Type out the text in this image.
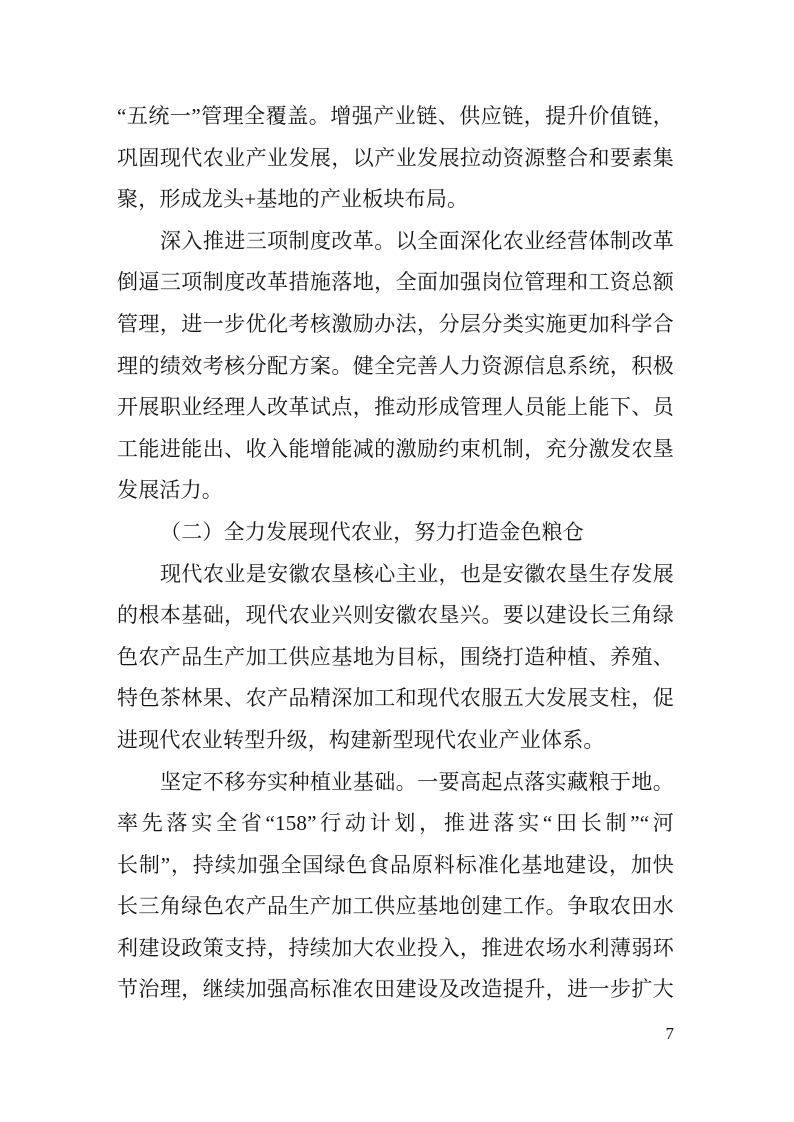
“五统一”管理全覆盖。增强产业链、供应链，提升价值链，
巩固现代农业产业发展，以产业发展拉动资源整合和要素集
聚，形成龙头+基地的产业板块布局。
深入推进三项制度改革。以全面深化农业经营体制改革
倒逼三项制度改革措施落地，全面加强岗位管理和工资总额
管理，进一步优化考核激励办法，分层分类实施更加科学合
理的绩效考核分配方案。健全完善人力资源信息系统，积极
开展职业经理人改革试点，推动形成管理人员能上能下、员
工能进能出、收入能增能减的激励约束机制，充分激发农垦
发展活力。
（二）全力发展现代农业，努力打造金色粮仓
现代农业是安徽农垦核心主业，也是安徽农垦生存发展
的根本基础，现代农业兴则安徽农垦兴。要以建设长三角绿
色农产品生产加工供应基地为目标，围绕打造种植、养殖、
特色茶林果、农产品精深加工和现代农服五大发展支柱，促
进现代农业转型升级，构建新型现代农业产业体系。
坚定不移夯实种植业基础。一要高起点落实藏粮于地。
率先落实全省“158”行动计划，推进落实“田长制”“河
长制”，持续加强全国绿色食品原料标准化基地建设，加快
长三角绿色农产品生产加工供应基地创建工作。争取农田水
利建设政策支持，持续加大农业投入，推进农场水利薄弱环
节治理，继续加强高标准农田建设及改造提升，进一步扩大
7
